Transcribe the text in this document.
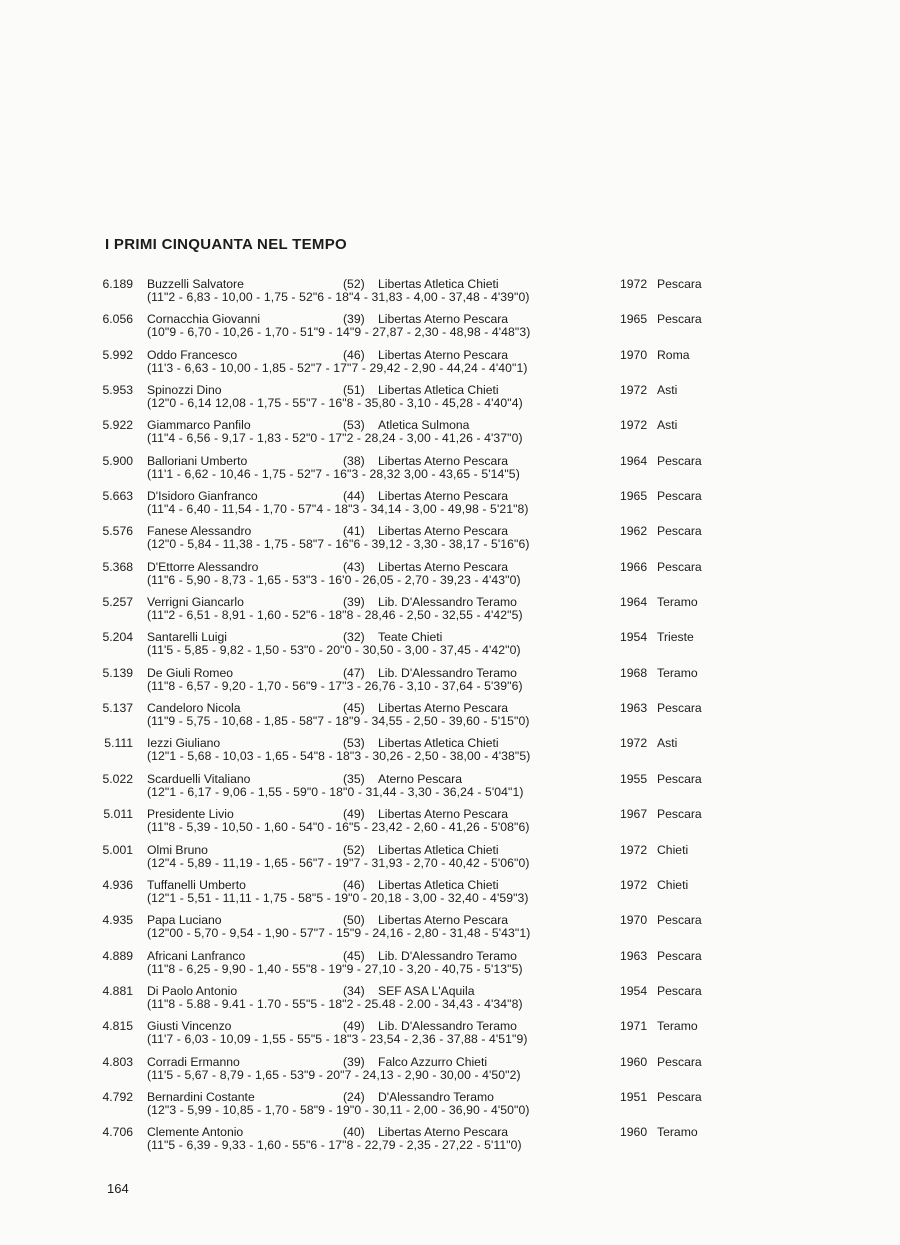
I PRIMI CINQUANTA NEL TEMPO
6.189 Buzzelli Salvatore	(52) Libertas Atletica Chieti	1972 Pescara
(11"2 - 6,83 - 10,00 - 1,75 - 52"6 - 18"4 - 31,83 - 4,00 - 37,48 - 4'39"0)
6.056 Cornacchia Giovanni	(39) Libertas Aterno Pescara	1965 Pescara
(10"9 - 6,70 - 10,26 - 1,70 - 51"9 - 14"9 - 27,87 - 2,30 - 48,98 - 4'48"3)
5.992 Oddo Francesco	(46) Libertas Aterno Pescara	1970 Roma
(11'3 - 6,63 - 10,00 - 1,85 - 52"7 - 17"7 - 29,42 - 2,90 - 44,24 - 4'40"1)
5.953 Spinozzi Dino	(51) Libertas Atletica Chieti	1972 Asti
(12"0 - 6,14 12,08 - 1,75 - 55"7 - 16"8 - 35,80 - 3,10 - 45,28 - 4'40"4)
5.922 Giammarco Panfilo	(53) Atletica Sulmona	1972 Asti
(11"4 - 6,56 - 9,17 - 1,83 - 52"0 - 17"2 - 28,24 - 3,00 - 41,26 - 4'37"0)
5.900 Balloriani Umberto	(38) Libertas Aterno Pescara	1964 Pescara
(11'1 - 6,62 - 10,46 - 1,75 - 52"7 - 16"3 - 28,32 3,00 - 43,65 - 5'14"5)
5.663 D'Isidoro Gianfranco	(44) Libertas Aterno Pescara	1965 Pescara
(11"4 - 6,40 - 11,54 - 1,70 - 57"4 - 18"3 - 34,14 - 3,00 - 49,98 - 5'21"8)
5.576 Fanese Alessandro	(41) Libertas Aterno Pescara	1962 Pescara
(12"0 - 5,84 - 11,38 - 1,75 - 58"7 - 16"6 - 39,12 - 3,30 - 38,17 - 5'16"6)
5.368 D'Ettorre Alessandro	(43) Libertas Aterno Pescara	1966 Pescara
(11"6 - 5,90 - 8,73 - 1,65 - 53"3 - 16'0 - 26,05 - 2,70 - 39,23 - 4'43"0)
5.257 Verrigni Giancarlo	(39) Lib. D'Alessandro Teramo	1964 Teramo
(11"2 - 6,51 - 8,91 - 1,60 - 52"6 - 18"8 - 28,46 - 2,50 - 32,55 - 4'42"5)
5.204 Santarelli Luigi	(32) Teate Chieti	1954 Trieste
(11'5 - 5,85 - 9,82 - 1,50 - 53"0 - 20"0 - 30,50 - 3,00 - 37,45 - 4'42"0)
5.139 De Giuli Romeo	(47) Lib. D'Alessandro Teramo	1968 Teramo
(11"8 - 6,57 - 9,20 - 1,70 - 56"9 - 17"3 - 26,76 - 3,10 - 37,64 - 5'39"6)
5.137 Candeloro Nicola	(45) Libertas Aterno Pescara	1963 Pescara
(11"9 - 5,75 - 10,68 - 1,85 - 58"7 - 18"9 - 34,55 - 2,50 - 39,60 - 5'15"0)
5.111 Iezzi Giuliano	(53) Libertas Atletica Chieti	1972 Asti
(12"1 - 5,68 - 10,03 - 1,65 - 54"8 - 18"3 - 30,26 - 2,50 - 38,00 - 4'38"5)
5.022 Scarduelli Vitaliano	(35) Aterno Pescara	1955 Pescara
(12"1 - 6,17 - 9,06 - 1,55 - 59"0 - 18"0 - 31,44 - 3,30 - 36,24 - 5'04"1)
5.011 Presidente Livio	(49) Libertas Aterno Pescara	1967 Pescara
(11"8 - 5,39 - 10,50 - 1,60 - 54"0 - 16"5 - 23,42 - 2,60 - 41,26 - 5'08"6)
5.001 Olmi Bruno	(52) Libertas Atletica Chieti	1972 Chieti
(12"4 - 5,89 - 11,19 - 1,65 - 56"7 - 19"7 - 31,93 - 2,70 - 40,42 - 5'06"0)
4.936 Tuffanelli Umberto	(46) Libertas Atletica Chieti	1972 Chieti
(12"1 - 5,51 - 11,11 - 1,75 - 58"5 - 19"0 - 20,18 - 3,00 - 32,40 - 4'59"3)
4.935 Papa Luciano	(50) Libertas Aterno Pescara	1970 Pescara
(12"00 - 5,70 - 9,54 - 1,90 - 57"7 - 15"9 - 24,16 - 2,80 - 31,48 - 5'43"1)
4.889 Africani Lanfranco	(45) Lib. D'Alessandro Teramo	1963 Pescara
(11"8 - 6,25 - 9,90 - 1,40 - 55"8 - 19"9 - 27,10 - 3,20 - 40,75 - 5'13"5)
4.881 Di Paolo Antonio	(34) SEF ASA L'Aquila	1954 Pescara
(11"8 - 5.88 - 9.41 - 1.70 - 55"5 - 18"2 - 25.48 - 2.00 - 34,43 - 4'34"8)
4.815 Giusti Vincenzo	(49) Lib. D'Alessandro Teramo	1971 Teramo
(11'7 - 6,03 - 10,09 - 1,55 - 55"5 - 18"3 - 23,54 - 2,36 - 37,88 - 4'51"9)
4.803 Corradi Ermanno	(39) Falco Azzurro Chieti	1960 Pescara
(11'5 - 5,67 - 8,79 - 1,65 - 53"9 - 20"7 - 24,13 - 2,90 - 30,00 - 4'50"2)
4.792 Bernardini Costante	(24) D'Alessandro Teramo	1951 Pescara
(12"3 - 5,99 - 10,85 - 1,70 - 58"9 - 19"0 - 30,11 - 2,00 - 36,90 - 4'50"0)
4.706 Clemente Antonio	(40) Libertas Aterno Pescara	1960 Teramo
(11"5 - 6,39 - 9,33 - 1,60 - 55"6 - 17"8 - 22,79 - 2,35 - 27,22 - 5'11"0)
164
